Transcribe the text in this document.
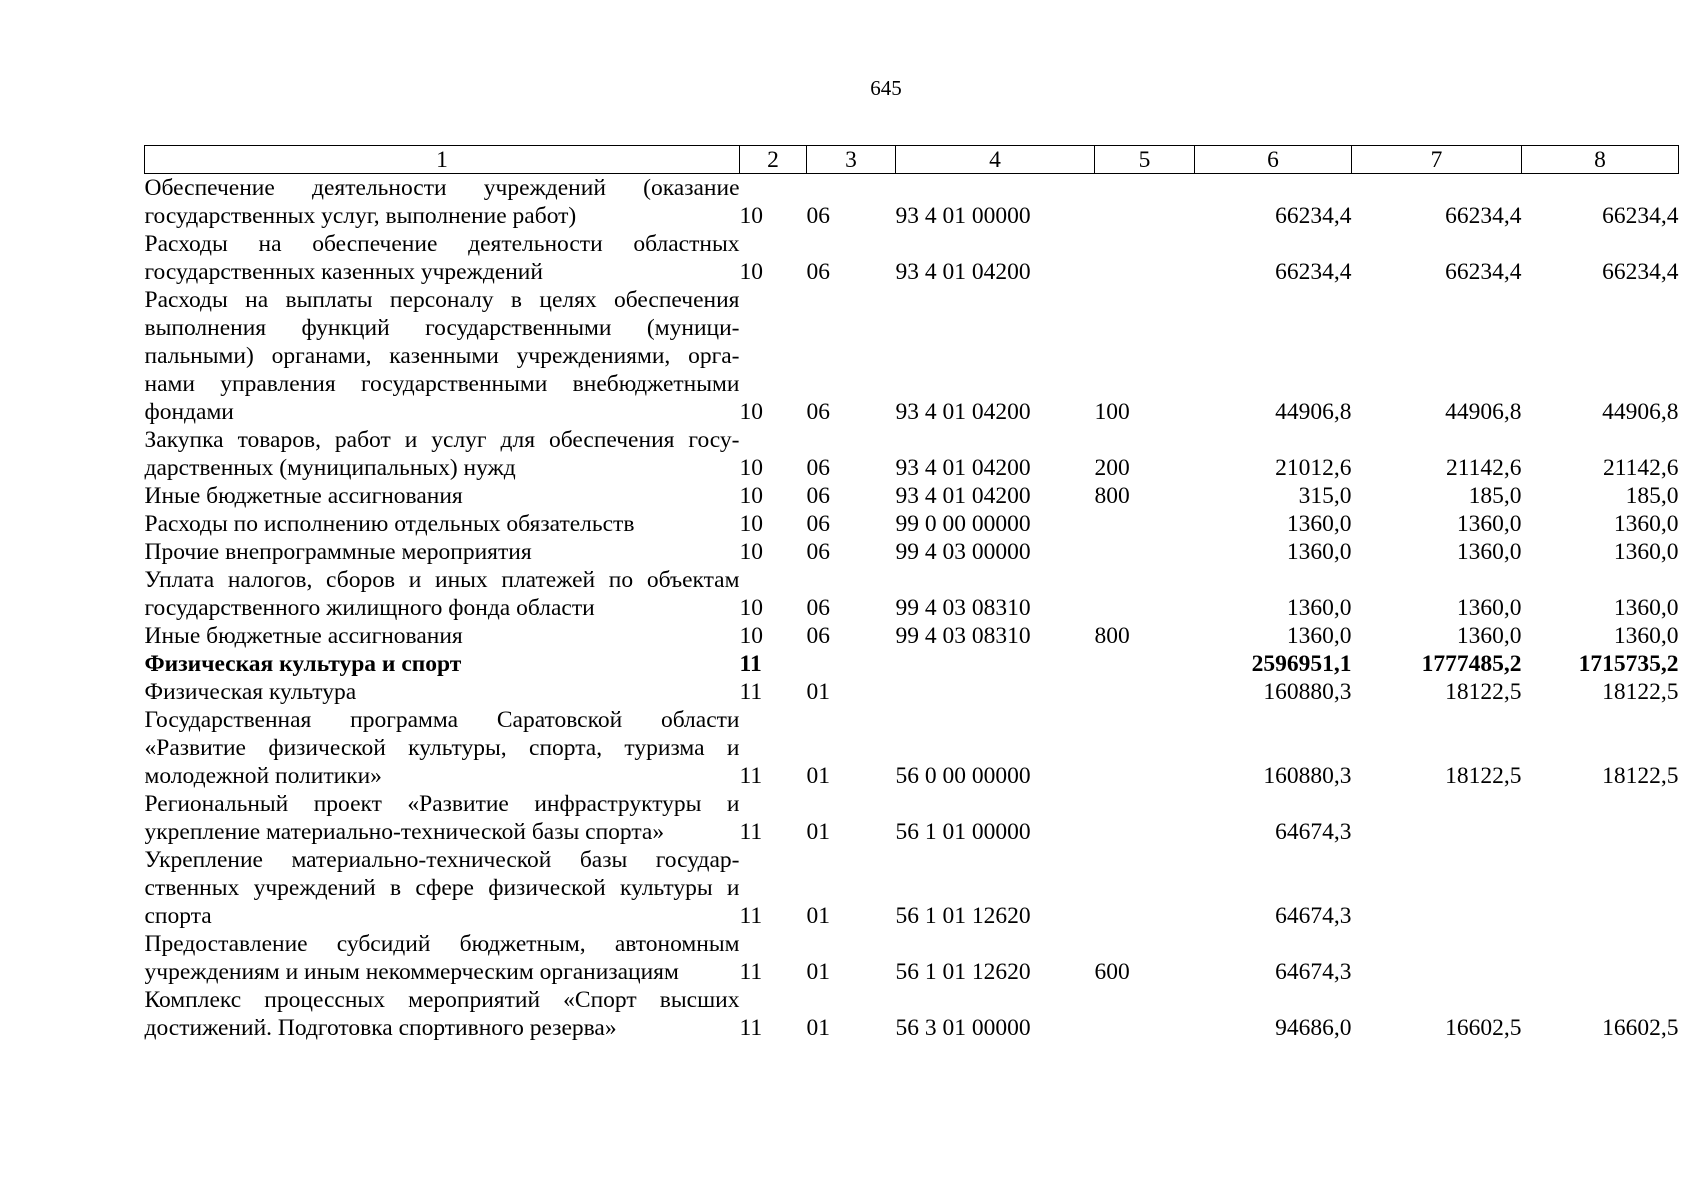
645
1	2	3	4	5	6	7	8
Обеспечение деятельности учреждений (оказание государственных услуг, выполнение работ)	10	06	93 4 01 00000		66234,4	66234,4	66234,4
Расходы на обеспечение деятельности областных государственных казенных учреждений	10	06	93 4 01 04200		66234,4	66234,4	66234,4
Расходы на выплаты персоналу в целях обеспечения выполнения функций государственными (муници-пальными) органами, казенными учреждениями, орга-нами управления государственными внебюджетными фондами	10	06	93 4 01 04200	100	44906,8	44906,8	44906,8
Закупка товаров, работ и услуг для обеспечения госу-дарственных (муниципальных) нужд	10	06	93 4 01 04200	200	21012,6	21142,6	21142,6
Иные бюджетные ассигнования	10	06	93 4 01 04200	800	315,0	185,0	185,0
Расходы по исполнению отдельных обязательств	10	06	99 0 00 00000		1360,0	1360,0	1360,0
Прочие внепрограммные мероприятия	10	06	99 4 03 00000		1360,0	1360,0	1360,0
Уплата налогов, сборов и иных платежей по объектам государственного жилищного фонда области	10	06	99 4 03 08310		1360,0	1360,0	1360,0
Иные бюджетные ассигнования	10	06	99 4 03 08310	800	1360,0	1360,0	1360,0
Физическая культура и спорт	11				2596951,1	1777485,2	1715735,2
Физическая культура	11	01			160880,3	18122,5	18122,5
Государственная программа Саратовской области «Развитие физической культуры, спорта, туризма и молодежной политики»	11	01	56 0 00 00000		160880,3	18122,5	18122,5
Региональный проект «Развитие инфраструктуры и укрепление материально-технической базы спорта»	11	01	56 1 01 00000		64674,3		
Укрепление материально-технической базы государ-ственных учреждений в сфере физической культуры и спорта	11	01	56 1 01 12620		64674,3		
Предоставление субсидий бюджетным, автономным учреждениям и иным некоммерческим организациям	11	01	56 1 01 12620	600	64674,3		
Комплекс процессных мероприятий «Спорт высших достижений. Подготовка спортивного резерва»	11	01	56 3 01 00000		94686,0	16602,5	16602,5
